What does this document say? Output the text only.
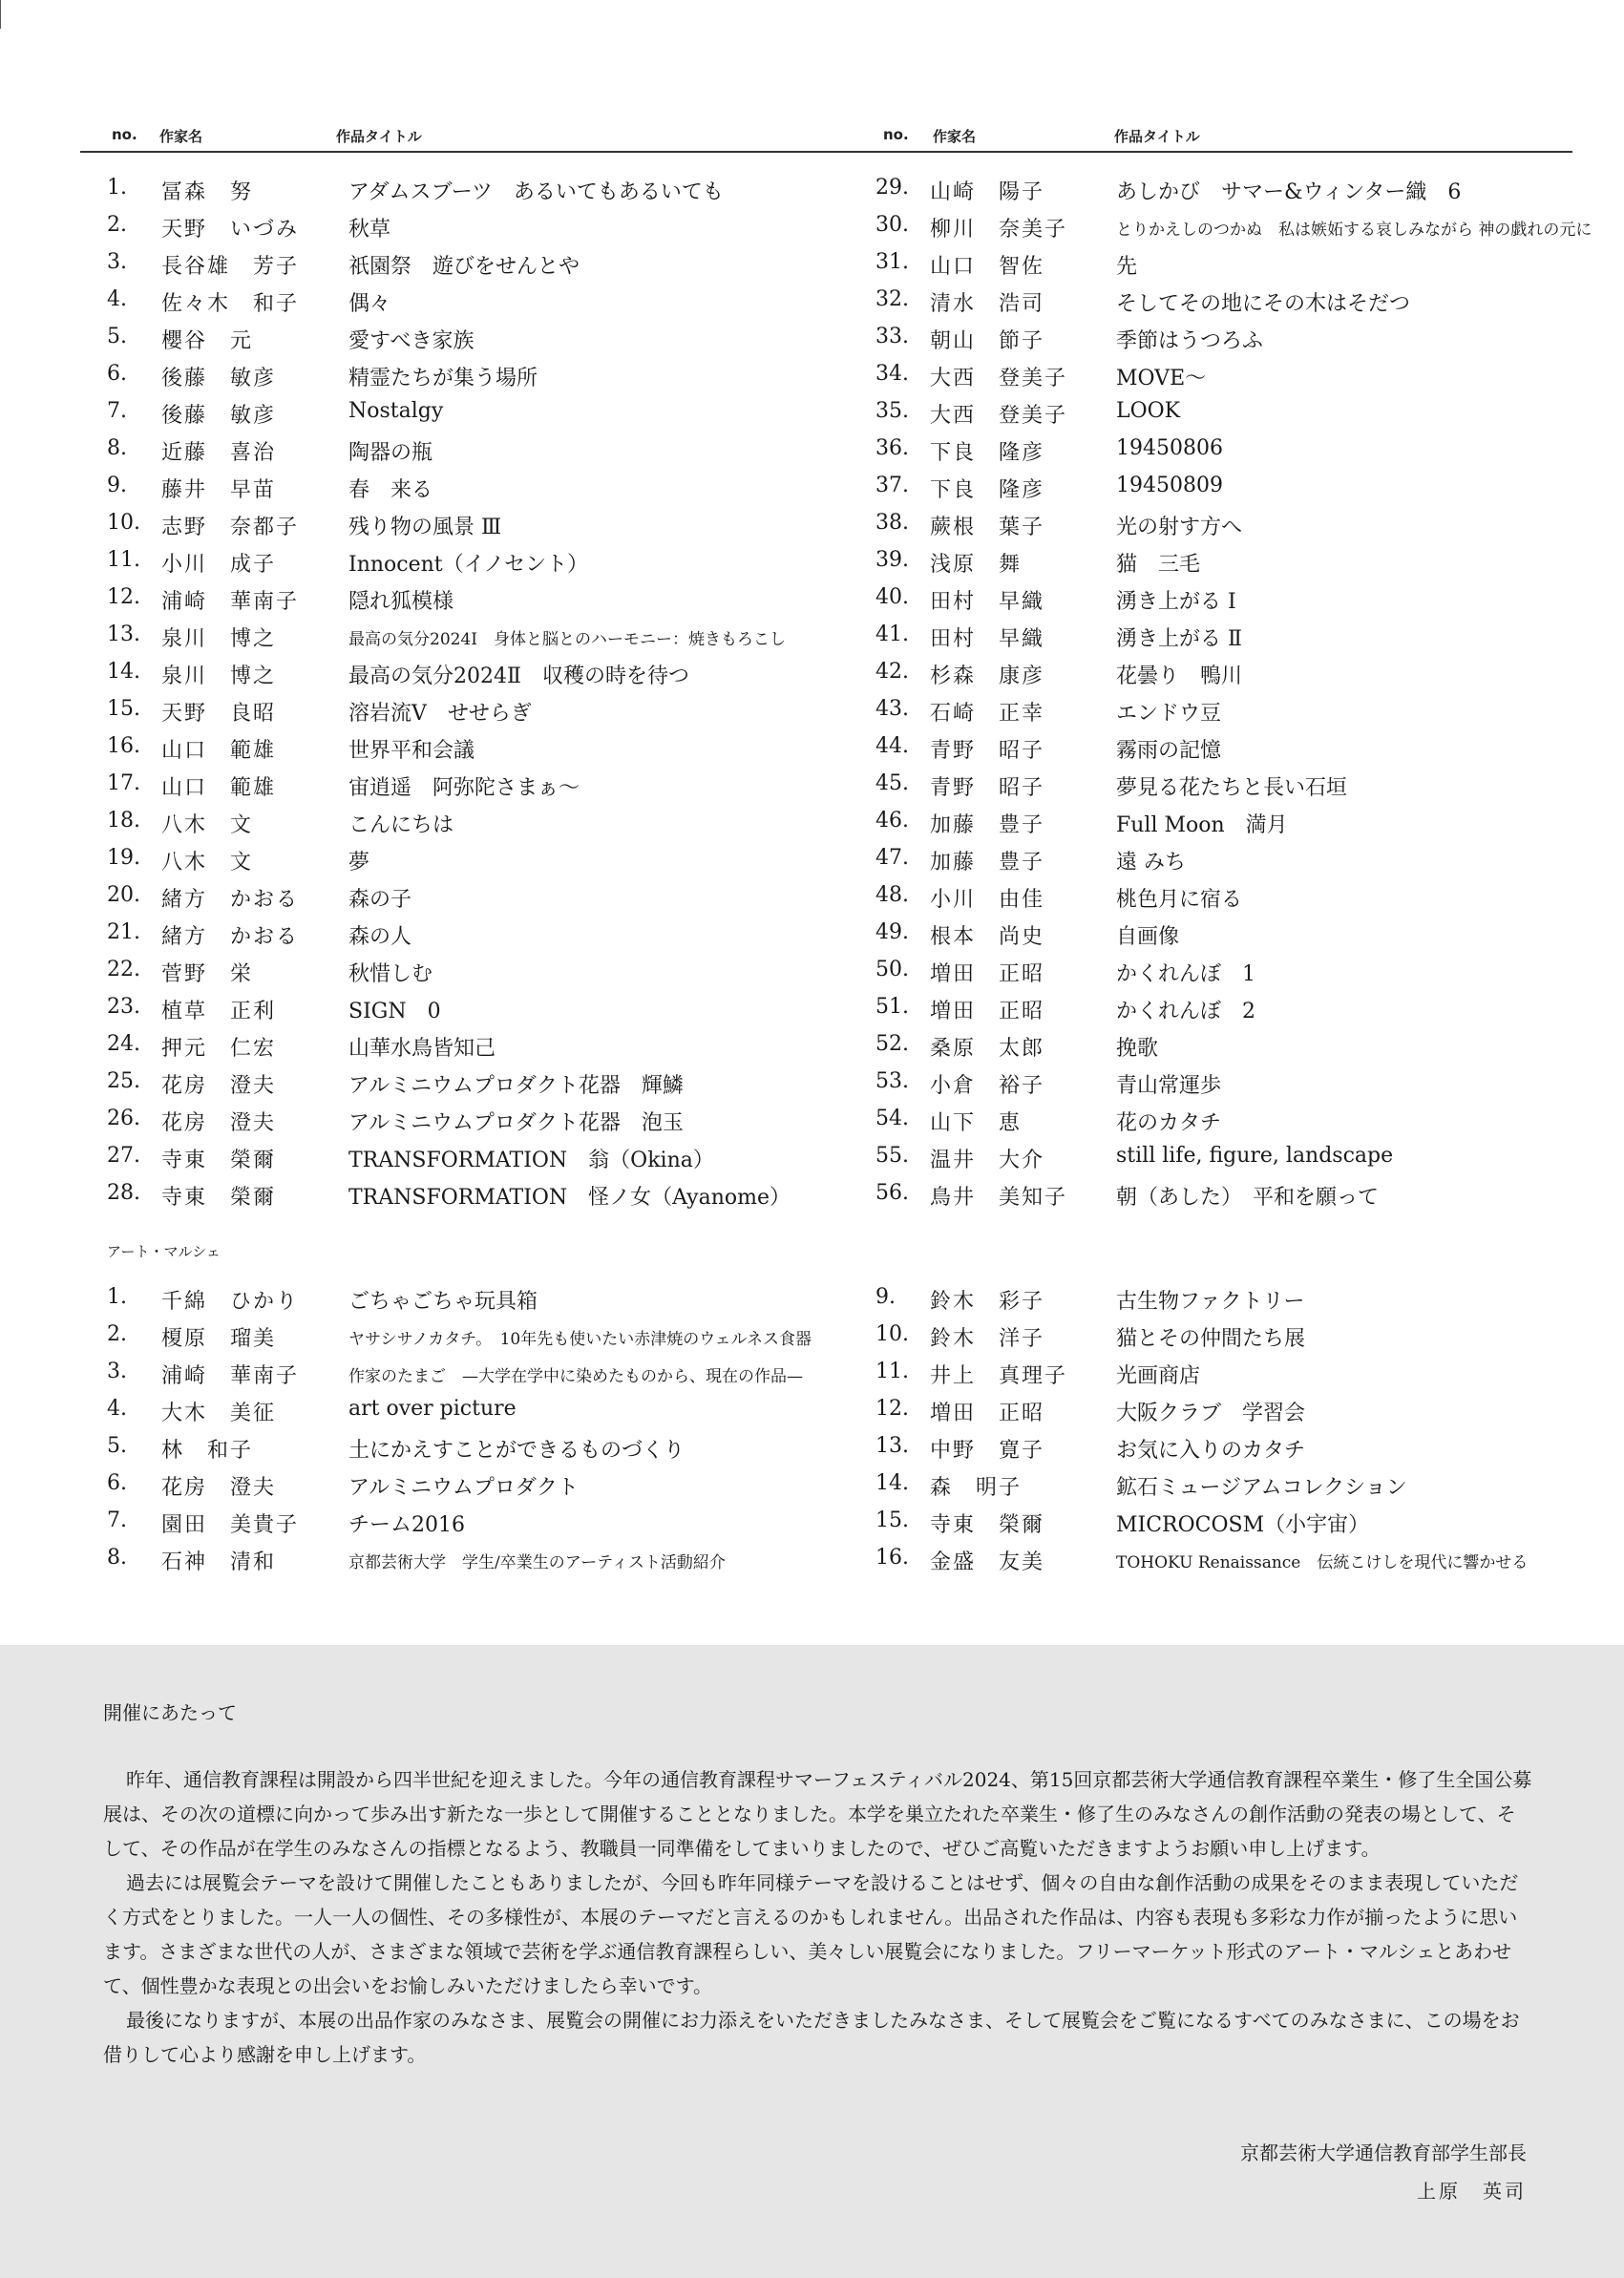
no. 作家名	作品タイトル
1. 冨森　努	アダムスブーツ　あるいてもあるいても
2. 天野　いづみ 秋草
3. 長谷雄　芳子 祇園祭　遊びをせんとや
4. 佐々木　和子 偶々
5. 櫻谷　元	愛すべき家族
6. 後藤　敏彦	精霊たちが集う場所
7. 後藤　敏彦	Nostalgy
8. 近藤　喜治	陶器の瓶
9. 藤井　早苗	春　来る
10. 志野　奈都子 残り物の風景 Ⅲ
11. 小川　成子	Innocent（イノセント）
12. 浦崎　華南子 隠れ狐模様
13. 泉川　博之	最高の気分2024Ⅰ　身体と脳とのハーモニー：焼きもろこし
14. 泉川　博之	最高の気分2024Ⅱ　収穫の時を待つ
15. 天野　良昭	溶岩流Ⅴ　せせらぎ
16. 山口　範雄	世界平和会議
17. 山口　範雄	宙逍遥　阿弥陀さまぁ〜
18. 八木　文	こんにちは
19. 八木　文	夢
20. 緒方　かおる 森の子
21. 緒方　かおる 森の人
22. 菅野　栄	秋惜しむ
23. 植草　正利	SIGN　0
24. 押元　仁宏	山華水鳥皆知己
25. 花房　澄夫	アルミニウムプロダクト花器　輝鱗
26. 花房　澄夫	アルミニウムプロダクト花器　泡玉
27. 寺東　榮爾	TRANSFORMATION　翁（Okina）
28. 寺東　榮爾	TRANSFORMATION　怪ノ女（Ayanome）
no. 作家名	作品タイトル
29. 山崎　陽子	あしかび　サマー&ウィンター織　6
30. 柳川　奈美子	とりかえしのつかぬ　私は嫉妬する哀しみながら 神の戯れの元に
31. 山口　智佐	先
32. 清水　浩司	そしてその地にその木はそだつ
33. 朝山　節子	季節はうつろふ
34. 大西　登美子 MOVE〜
35. 大西　登美子 LOOK
36. 下良　隆彦	19450806
37. 下良　隆彦	19450809
38. 蕨根　葉子	光の射す方へ
39. 浅原　舞	猫　三毛
40. 田村　早織	湧き上がる Ⅰ
41. 田村　早織	湧き上がる Ⅱ
42. 杉森　康彦	花曇り　鴨川
43. 石崎　正幸	エンドウ豆
44. 青野　昭子	霧雨の記憶
45. 青野　昭子	夢見る花たちと長い石垣
46. 加藤　豊子	Full Moon　満月
47. 加藤　豊子	遠 みち
48. 小川　由佳	桃色月に宿る
49. 根本　尚史	自画像
50. 増田　正昭	かくれんぼ　1
51. 増田　正昭	かくれんぼ　2
52. 桑原　太郎	挽歌
53. 小倉　裕子	青山常運歩
54. 山下　恵	花のカタチ
55. 温井　大介	still life, figure, landscape
56. 鳥井　美知子 朝（あした）　平和を願って
アート・マルシェ
1. 千綿　ひかり ごちゃごちゃ玩具箱
2. 榎原　瑠美	ヤサシサノカタチ。　10年先も使いたい赤津焼のウェルネス食器
3. 浦崎　華南子	作家のたまご　—大学在学中に染めたものから、現在の作品—
4. 大木　美征	art over picture
5. 林　和子	土にかえすことができるものづくり
6. 花房　澄夫	アルミニウムプロダクト
7. 園田　美貴子 チーム2016
8. 石神　清和	京都芸術大学　学生/卒業生のアーティスト活動紹介
9. 鈴木　彩子	古生物ファクトリー
10. 鈴木　洋子	猫とその仲間たち展
11. 井上　真理子 光画商店
12. 増田　正昭	大阪クラブ　学習会
13. 中野　寛子	お気に入りのカタチ
14. 森　明子	鉱石ミュージアムコレクション
15. 寺東　榮爾	MICROCOSM（小宇宙）
16. 金盛　友美	TOHOKU Renaissance　伝統こけしを現代に響かせる
開催にあたって

昨年、通信教育課程は開設から四半世紀を迎えました。今年の通信教育課程サマーフェスティバル2024、第15回京都芸術大学通信教育課程卒業生・修了生全国公募展は、その次の道標に向かって歩み出す新たな一歩として開催することとなりました。本学を巣立たれた卒業生・修了生のみなさんの創作活動の発表の場として、そして、その作品が在学生のみなさんの指標となるよう、教職員一同準備をしてまいりましたので、ぜひご高覧いただきますようお願い申し上げます。

過去には展覧会テーマを設けて開催したこともありましたが、今回も昨年同様テーマを設けることはせず、個々の自由な創作活動の成果をそのまま表現していただく方式をとりました。一人一人の個性、その多様性が、本展のテーマだと言えるのかもしれません。出品された作品は、内容も表現も多彩な力作が揃ったように思います。さまざまな世代の人が、さまざまな領域で芸術を学ぶ通信教育課程らしい、美々しい展覧会になりました。フリーマーケット形式のアート・マルシェとあわせて、個性豊かな表現との出会いをお愉しみいただけましたら幸いです。

最後になりますが、本展の出品作家のみなさま、展覧会の開催にお力添えをいただきましたみなさま、そして展覧会をご覧になるすべてのみなさまに、この場をお借りして心より感謝を申し上げます。

京都芸術大学通信教育部学生部長
上原　英司
